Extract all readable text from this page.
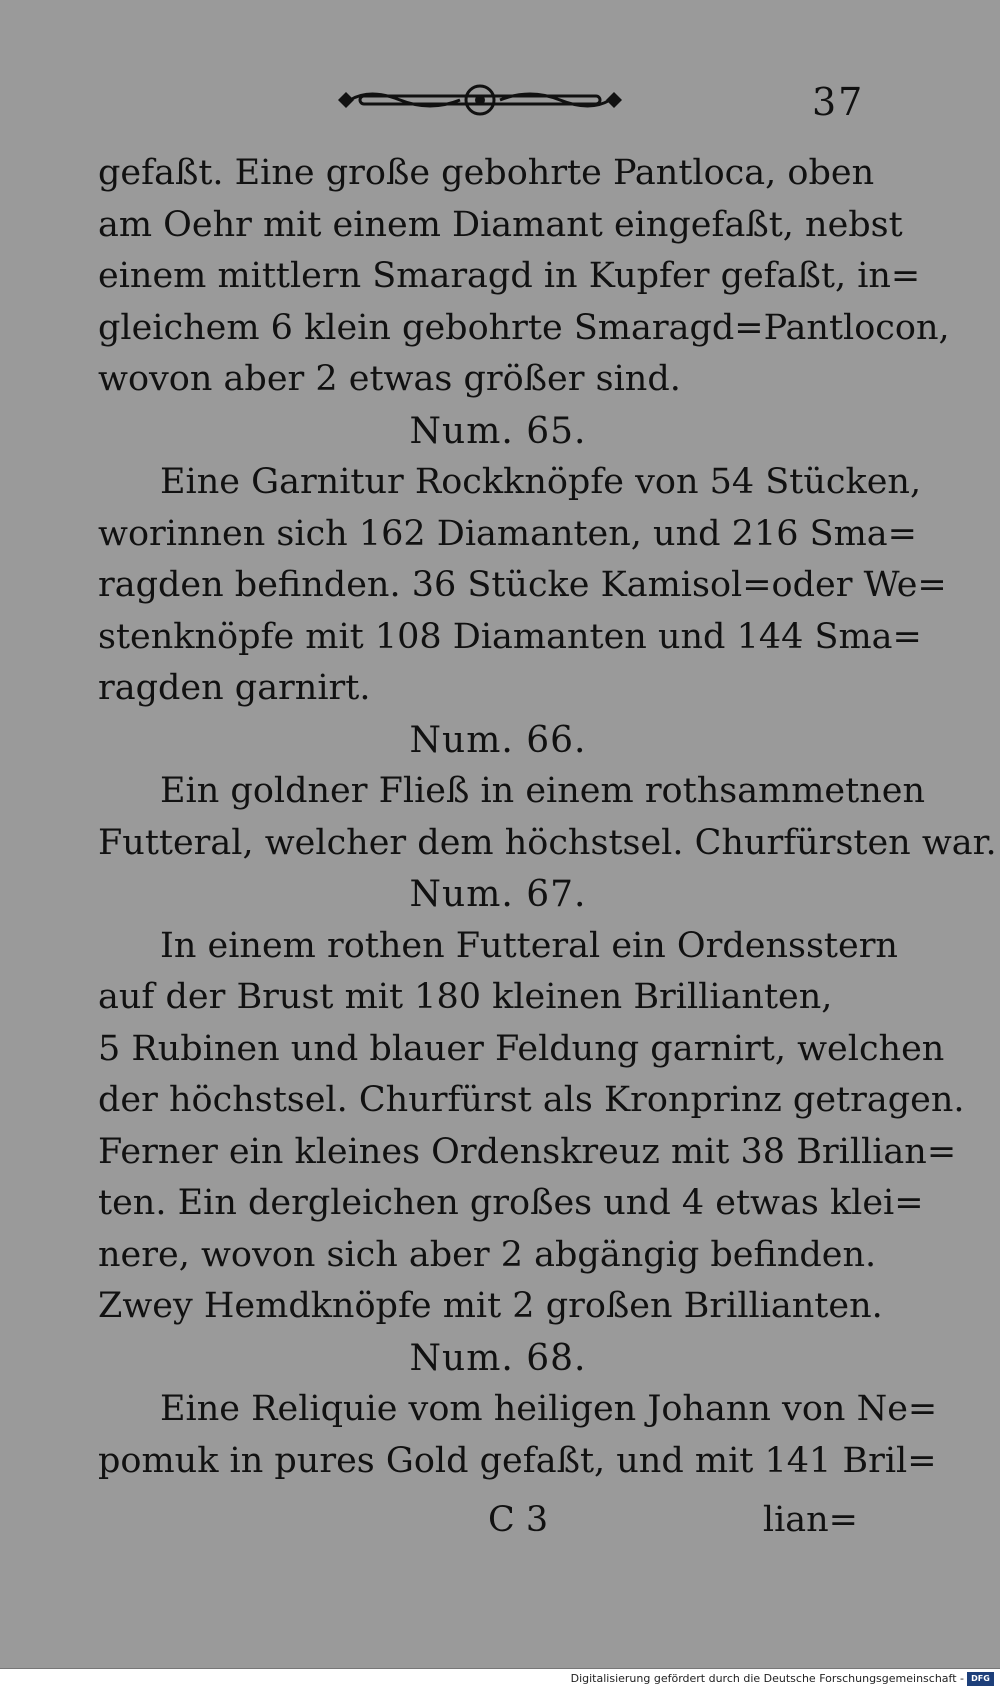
37
gefaßt. Eine große gebohrte Pantloca, oben
am Oehr mit einem Diamant eingefaßt, nebst
einem mittlern Smaragd in Kupfer gefaßt, in=
gleichem 6 klein gebohrte Smaragd=Pantlocon,
wovon aber 2 etwas größer sind.
Num. 65.
Eine Garnitur Rockknöpfe von 54 Stücken,
worinnen sich 162 Diamanten, und 216 Sma=
ragden befinden. 36 Stücke Kamisol=oder We=
stenknöpfe mit 108 Diamanten und 144 Sma=
ragden garnirt.
Num. 66.
Ein goldner Fließ in einem rothsammetnen
Futteral, welcher dem höchstsel. Churfürsten war.
Num. 67.
In einem rothen Futteral ein Ordensstern
auf der Brust mit 180 kleinen Brillianten,
5 Rubinen und blauer Feldung garnirt, welchen
der höchstsel. Churfürst als Kronprinz getragen.
Ferner ein kleines Ordenskreuz mit 38 Brillian=
ten. Ein dergleichen großes und 4 etwas klei=
nere, wovon sich aber 2 abgängig befinden.
Zwey Hemdknöpfe mit 2 großen Brillianten.
Num. 68.
Eine Reliquie vom heiligen Johann von Ne=
pomuk in pures Gold gefaßt, und mit 141 Bril=
C 3	lian=
Digitalisierung gefördert durch die Deutsche Forschungsgemeinschaft - DFG
